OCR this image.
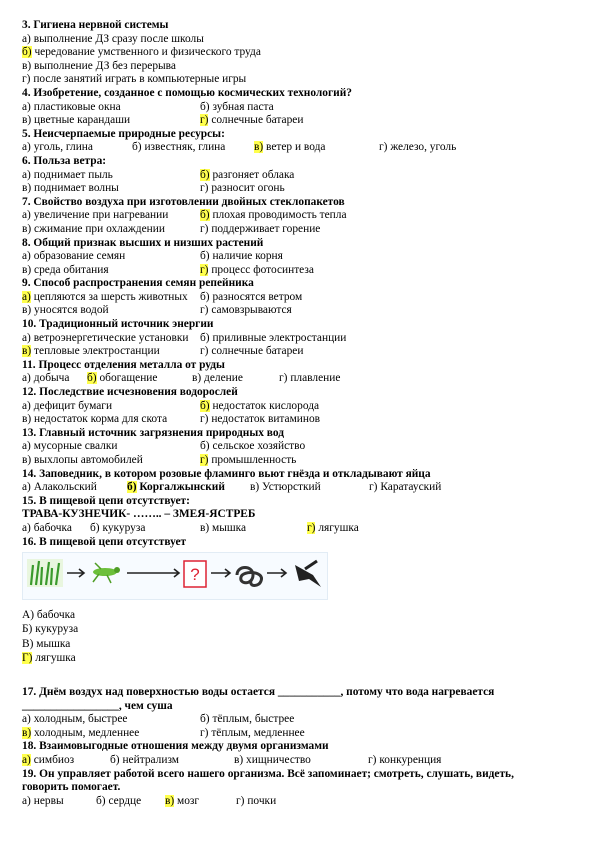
3. Гигиена нервной системы
а) выполнение ДЗ сразу после школы
б) чередование умственного и физического труда
в) выполнение ДЗ без перерыва
г) после занятий играть в компьютерные игры
4. Изобретение, созданное с помощью космических технологий?
а) пластиковые окна	б) зубная паста
в) цветные карандаши	г) солнечные батареи
5. Неисчерпаемые природные ресурсы:
а) уголь, глина	б) известняк, глина	в) ветер и вода	г) железо, уголь
6. Польза ветра:
а) поднимает пыль	б) разгоняет облака
в) поднимает волны	г) разносит огонь
7. Свойство воздуха при изготовлении двойных стеклопакетов
а) увеличение при нагревании	б) плохая проводимость тепла
в) сжимание при охлаждении	г) поддерживает горение
8. Общий признак высших и низших растений
а) образование семян	б) наличие корня
в) среда обитания	г) процесс фотосинтеза
9. Способ распространения семян репейника
а) цепляются за шерсть животных б) разносятся ветром
в) уносятся водой	г) самовзрываются
10. Традиционный источник энергии
а) ветроэнергетические установки б) приливные электростанции
в) тепловые электростанции	г) солнечные батареи
11. Процесс отделения металла от руды
а) добыча б) обогащение	в) деление	г) плавление
12. Последствие исчезновения водорослей
а) дефицит бумаги	б) недостаток кислорода
в) недостаток корма для скота	г) недостаток витаминов
13. Главный источник загрязнения природных вод
а) мусорные свалки	б) сельское хозяйство
в) выхлопы автомобилей	г) промышленность
14. Заповедник, в котором розовые фламинго вьют гнёзда и откладывают яйца
а) Алакольский	б) Коргалжынский в) Устюрсткий	г) Каратауский
15. В пищевой цепи отсутствует:
ТРАВА-КУЗНЕЧИК- …….. – ЗМЕЯ-ЯСТРЕБ
а) бабочка б) кукуруза	в) мышка	г) лягушка
16. В пищевой цепи отсутствует
?
А) бабочка
Б) кукуруза
В) мышка
Г) лягушка
17. Днём воздух над поверхностью воды остается ___________, потому что вода нагревается
_________________, чем суша
а) холодным, быстрее	б) тёплым, быстрее
в) холодным, медленнее	г) тёплым, медленнее
18. Взаимовыгодные отношения между двумя организмами
а) симбиоз	б) нейтрализм	в) хищничество	г) конкуренция
19. Он управляет работой всего нашего организма. Всё запоминает; смотреть, слушать, видеть,
говорить помогает.
а) нервы	б) сердце в) мозг	г) почки
